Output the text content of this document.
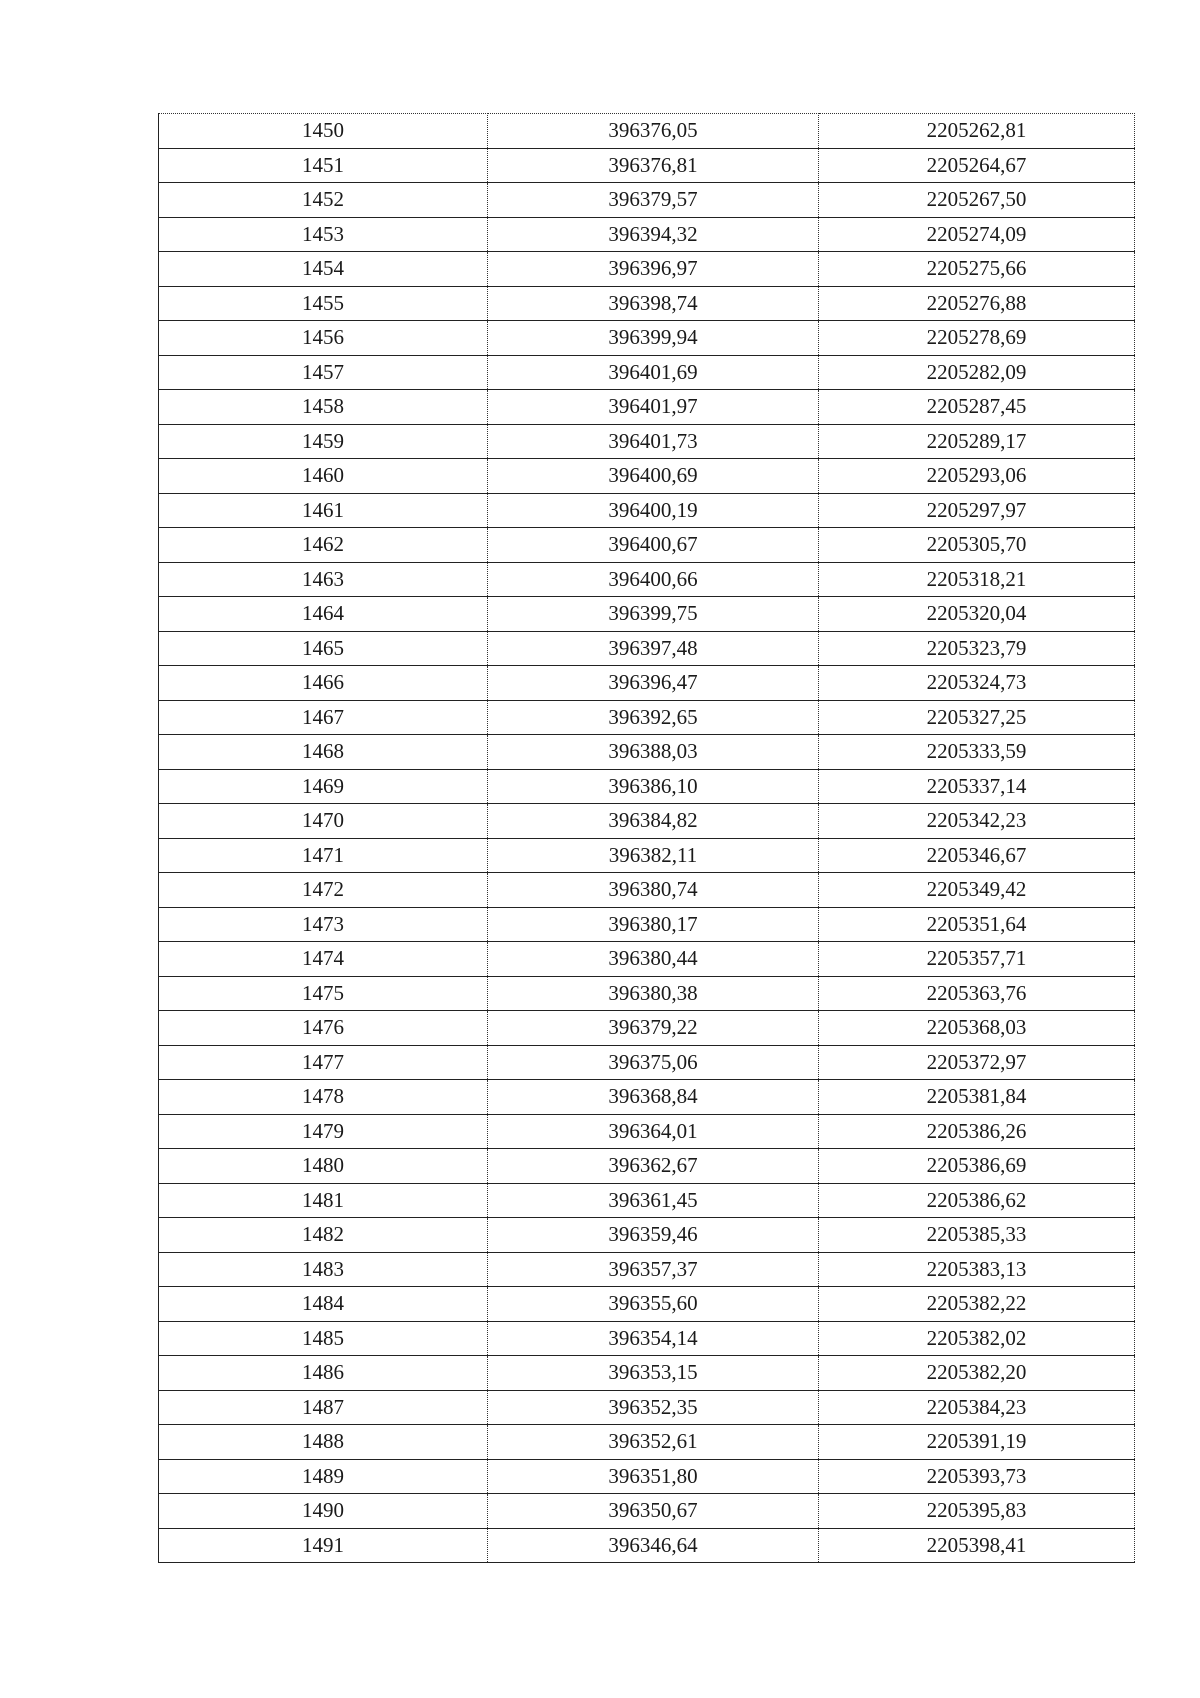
1450	396376,05	2205262,81
1451	396376,81	2205264,67
1452	396379,57	2205267,50
1453	396394,32	2205274,09
1454	396396,97	2205275,66
1455	396398,74	2205276,88
1456	396399,94	2205278,69
1457	396401,69	2205282,09
1458	396401,97	2205287,45
1459	396401,73	2205289,17
1460	396400,69	2205293,06
1461	396400,19	2205297,97
1462	396400,67	2205305,70
1463	396400,66	2205318,21
1464	396399,75	2205320,04
1465	396397,48	2205323,79
1466	396396,47	2205324,73
1467	396392,65	2205327,25
1468	396388,03	2205333,59
1469	396386,10	2205337,14
1470	396384,82	2205342,23
1471	396382,11	2205346,67
1472	396380,74	2205349,42
1473	396380,17	2205351,64
1474	396380,44	2205357,71
1475	396380,38	2205363,76
1476	396379,22	2205368,03
1477	396375,06	2205372,97
1478	396368,84	2205381,84
1479	396364,01	2205386,26
1480	396362,67	2205386,69
1481	396361,45	2205386,62
1482	396359,46	2205385,33
1483	396357,37	2205383,13
1484	396355,60	2205382,22
1485	396354,14	2205382,02
1486	396353,15	2205382,20
1487	396352,35	2205384,23
1488	396352,61	2205391,19
1489	396351,80	2205393,73
1490	396350,67	2205395,83
1491	396346,64	2205398,41
